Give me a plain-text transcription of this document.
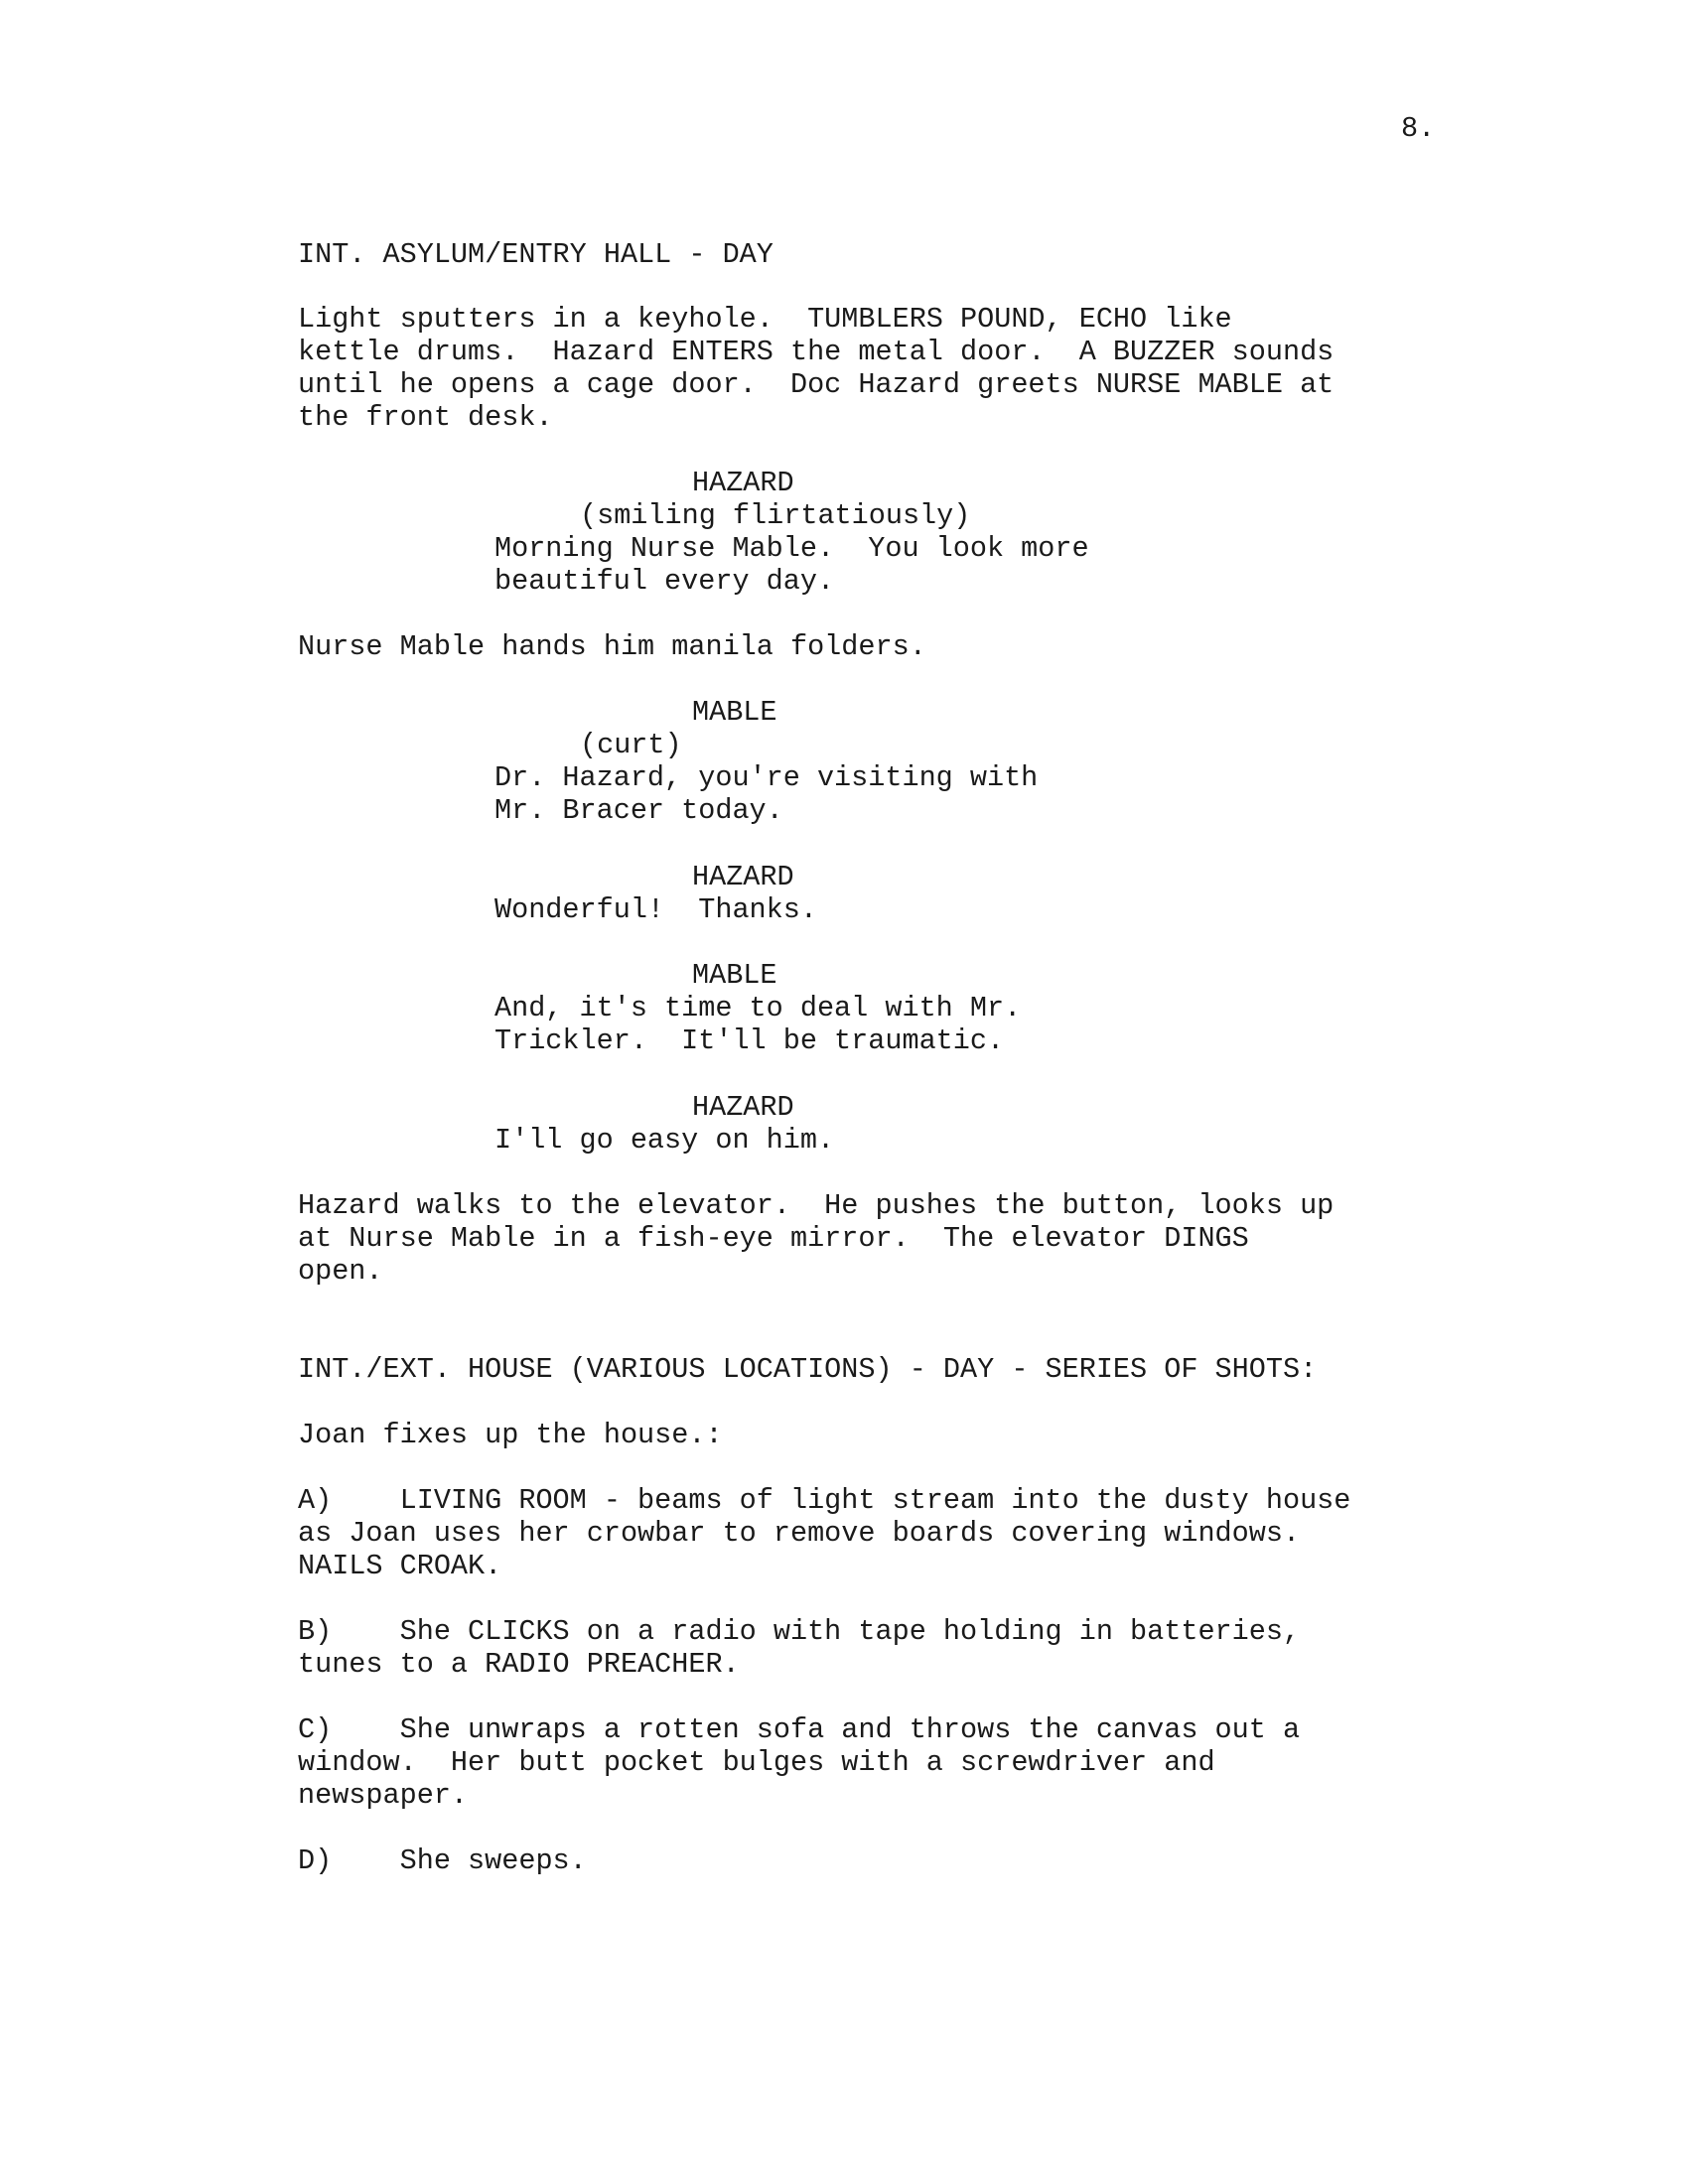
8.
INT. ASYLUM/ENTRY HALL - DAY
Light sputters in a keyhole.  TUMBLERS POUND, ECHO like
kettle drums.  Hazard ENTERS the metal door.  A BUZZER sounds
until he opens a cage door.  Doc Hazard greets NURSE MABLE at
the front desk.
HAZARD
(smiling flirtatiously)
Morning Nurse Mable.  You look more
beautiful every day.
Nurse Mable hands him manila folders.
MABLE
(curt)
Dr. Hazard, you're visiting with
Mr. Bracer today.
HAZARD
Wonderful!  Thanks.
MABLE
And, it's time to deal with Mr.
Trickler.  It'll be traumatic.
HAZARD
I'll go easy on him.
Hazard walks to the elevator.  He pushes the button, looks up
at Nurse Mable in a fish-eye mirror.  The elevator DINGS
open.
INT./EXT. HOUSE (VARIOUS LOCATIONS) - DAY - SERIES OF SHOTS:
Joan fixes up the house.:
A)    LIVING ROOM - beams of light stream into the dusty house
as Joan uses her crowbar to remove boards covering windows.
NAILS CROAK.
B)    She CLICKS on a radio with tape holding in batteries,
tunes to a RADIO PREACHER.
C)    She unwraps a rotten sofa and throws the canvas out a
window.  Her butt pocket bulges with a screwdriver and
newspaper.
D)    She sweeps.
